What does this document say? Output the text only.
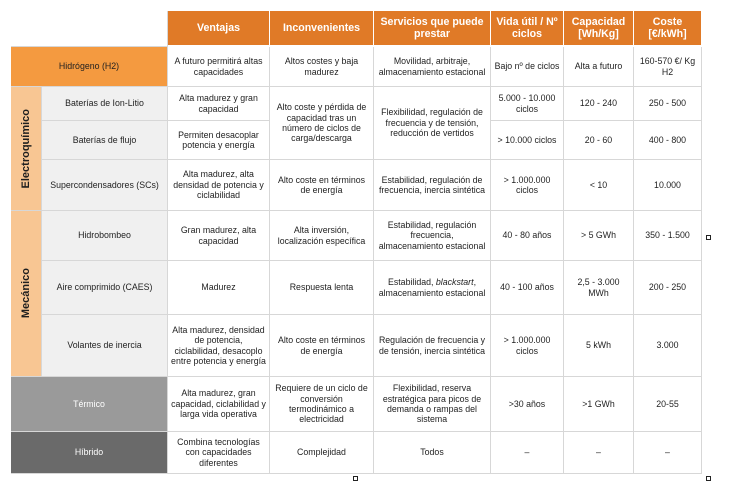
		Ventajas	Inconvenientes	Servicios que puede prestar	Vida útil / Nº ciclos	Capacidad [Wh/Kg]	Coste [€/kWh]
Hidrógeno (H2)		A futuro permitirá altas capacidades	Altos costes y baja madurez	Movilidad, arbitraje, almacenamiento estacional	Bajo nº de ciclos	Alta a futuro	160-570 €/ Kg H2

Electroquímico	Baterías de Ion-Litio	Alta madurez y gran capacidad	Alto coste y pérdida de capacidad tras un número de ciclos de carga/descarga	Flexibilidad, regulación de frecuencia y de tensión, reducción de vertidos	5.000 - 10.000 ciclos	120 - 240	250 - 500
	Baterías de flujo	Permiten desacoplar potencia y energía			> 10.000 ciclos	20 - 60	400 - 800
	Supercondensadores (SCs)	Alta madurez, alta densidad de potencia y ciclabilidad	Alto coste en términos de energía	Estabilidad, regulación de frecuencia, inercia sintética	> 1.000.000 ciclos	< 10	10.000

Mecánico	Hidrobombeo	Gran madurez, alta capacidad	Alta inversión, localización específica	Estabilidad, regulación frecuencia, almacenamiento estacional	40 - 80 años	> 5 GWh	350 - 1.500
	Aire comprimido (CAES)	Madurez	Respuesta lenta	Estabilidad, blackstart, almacenamiento estacional	40 - 100 años	2,5 - 3.000 MWh	200 - 250
	Volantes de inercia	Alta madurez, densidad de potencia, ciclabilidad, desacoplo entre potencia y energía	Alto coste en términos de energía	Regulación de frecuencia y de tensión, inercia sintética	> 1.000.000 ciclos	5 kWh	3.000
Térmico		Alta madurez, gran capacidad, ciclabilidad y larga vida operativa	Requiere de un ciclo de conversión termodinámico a electricidad	Flexibilidad, reserva estratégica para picos de demanda o rampas del sistema	>30 años	>1 GWh	20-55
Híbrido		Combina tecnologías con capacidades diferentes	Complejidad	Todos	–	–	–
